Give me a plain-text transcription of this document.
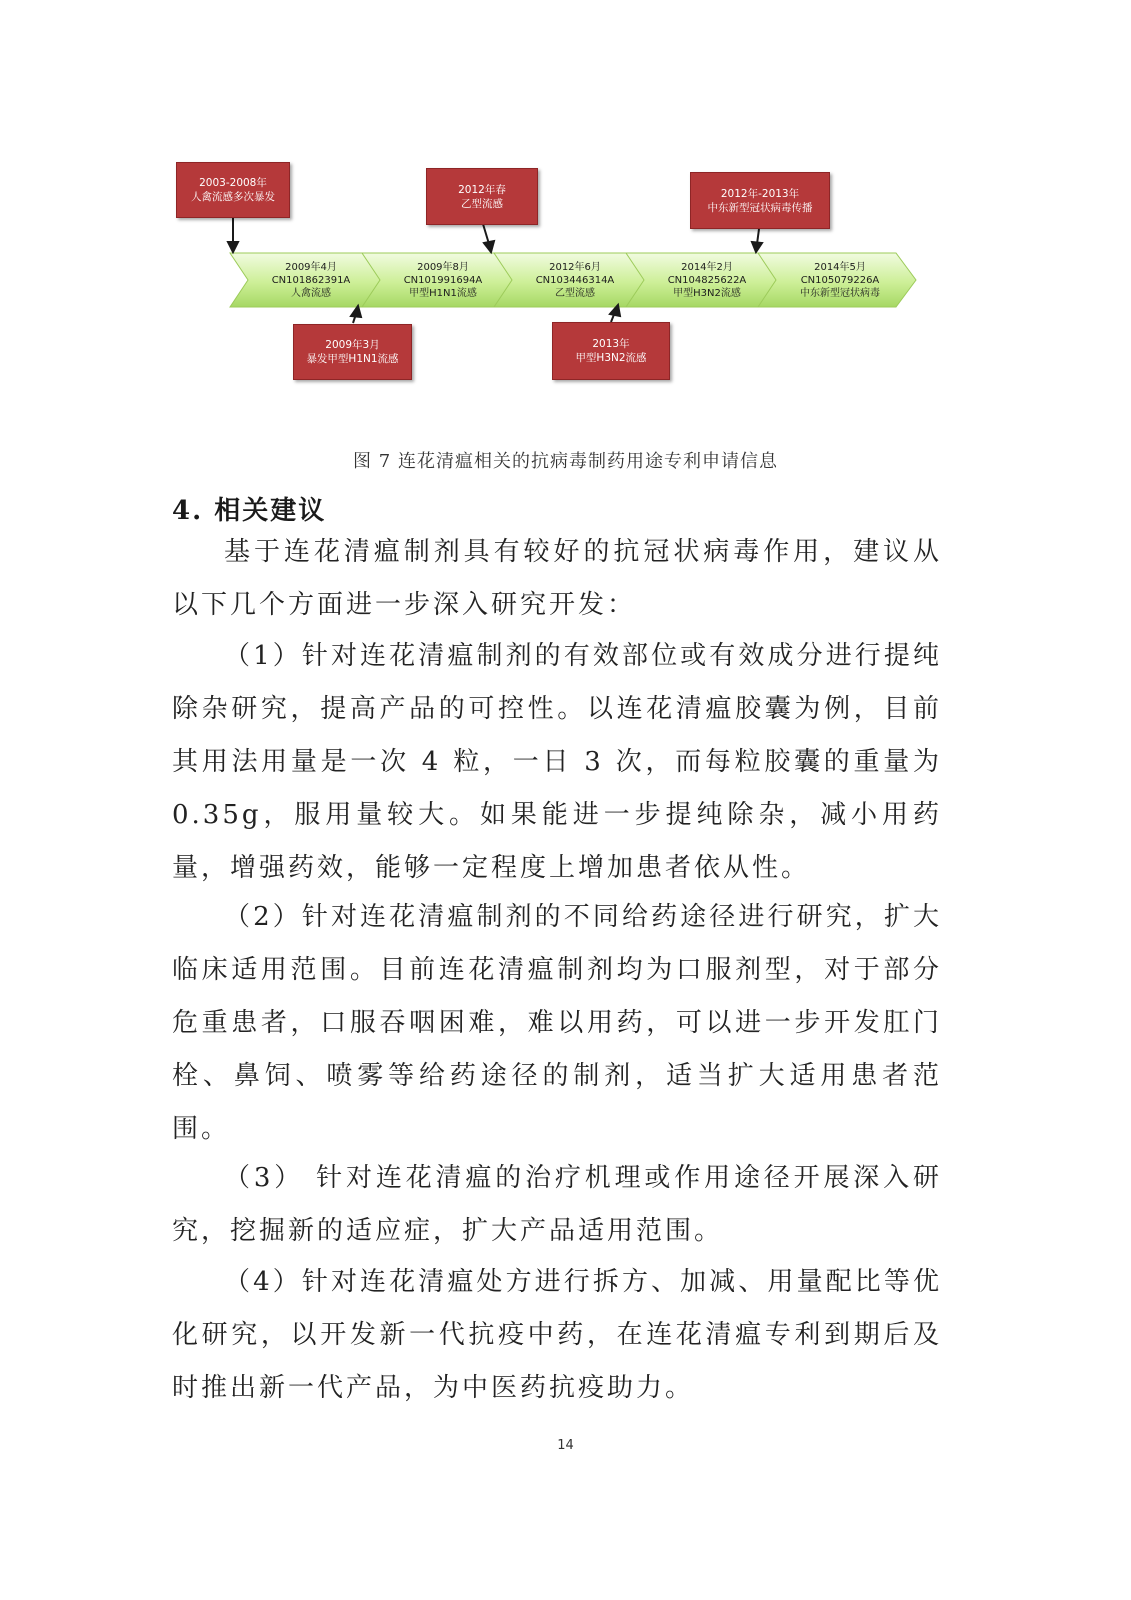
2009年4月
CN101862391A
人禽流感
2009年8月
CN101991694A
甲型H1N1流感
2012年6月
CN103446314A
乙型流感
2014年2月
CN104825622A
甲型H3N2流感
2014年5月
CN105079226A
中东新型冠状病毒
2003-2008年
人禽流感多次暴发
2012年春
乙型流感
2012年-2013年
中东新型冠状病毒传播
2009年3月
暴发甲型H1N1流感
2013年
甲型H3N2流感
图 7 连花清瘟相关的抗病毒制药用途专利申请信息
4. 相关建议
基于连花清瘟制剂具有较好的抗冠状病毒作用，建议从以下几个方面进一步深入研究开发：
（1）针对连花清瘟制剂的有效部位或有效成分进行提纯除杂研究，提高产品的可控性。以连花清瘟胶囊为例，目前其用法用量是一次 4 粒，一日 3 次，而每粒胶囊的重量为 0.35g，服用量较大。如果能进一步提纯除杂，减小用药量，增强药效，能够一定程度上增加患者依从性。
（2）针对连花清瘟制剂的不同给药途径进行研究，扩大临床适用范围。目前连花清瘟制剂均为口服剂型，对于部分危重患者，口服吞咽困难，难以用药，可以进一步开发肛门栓、鼻饲、喷雾等给药途径的制剂，适当扩大适用患者范围。
（3） 针对连花清瘟的治疗机理或作用途径开展深入研究，挖掘新的适应症，扩大产品适用范围。
（4）针对连花清瘟处方进行拆方、加减、用量配比等优化研究，以开发新一代抗疫中药，在连花清瘟专利到期后及时推出新一代产品，为中医药抗疫助力。
14
